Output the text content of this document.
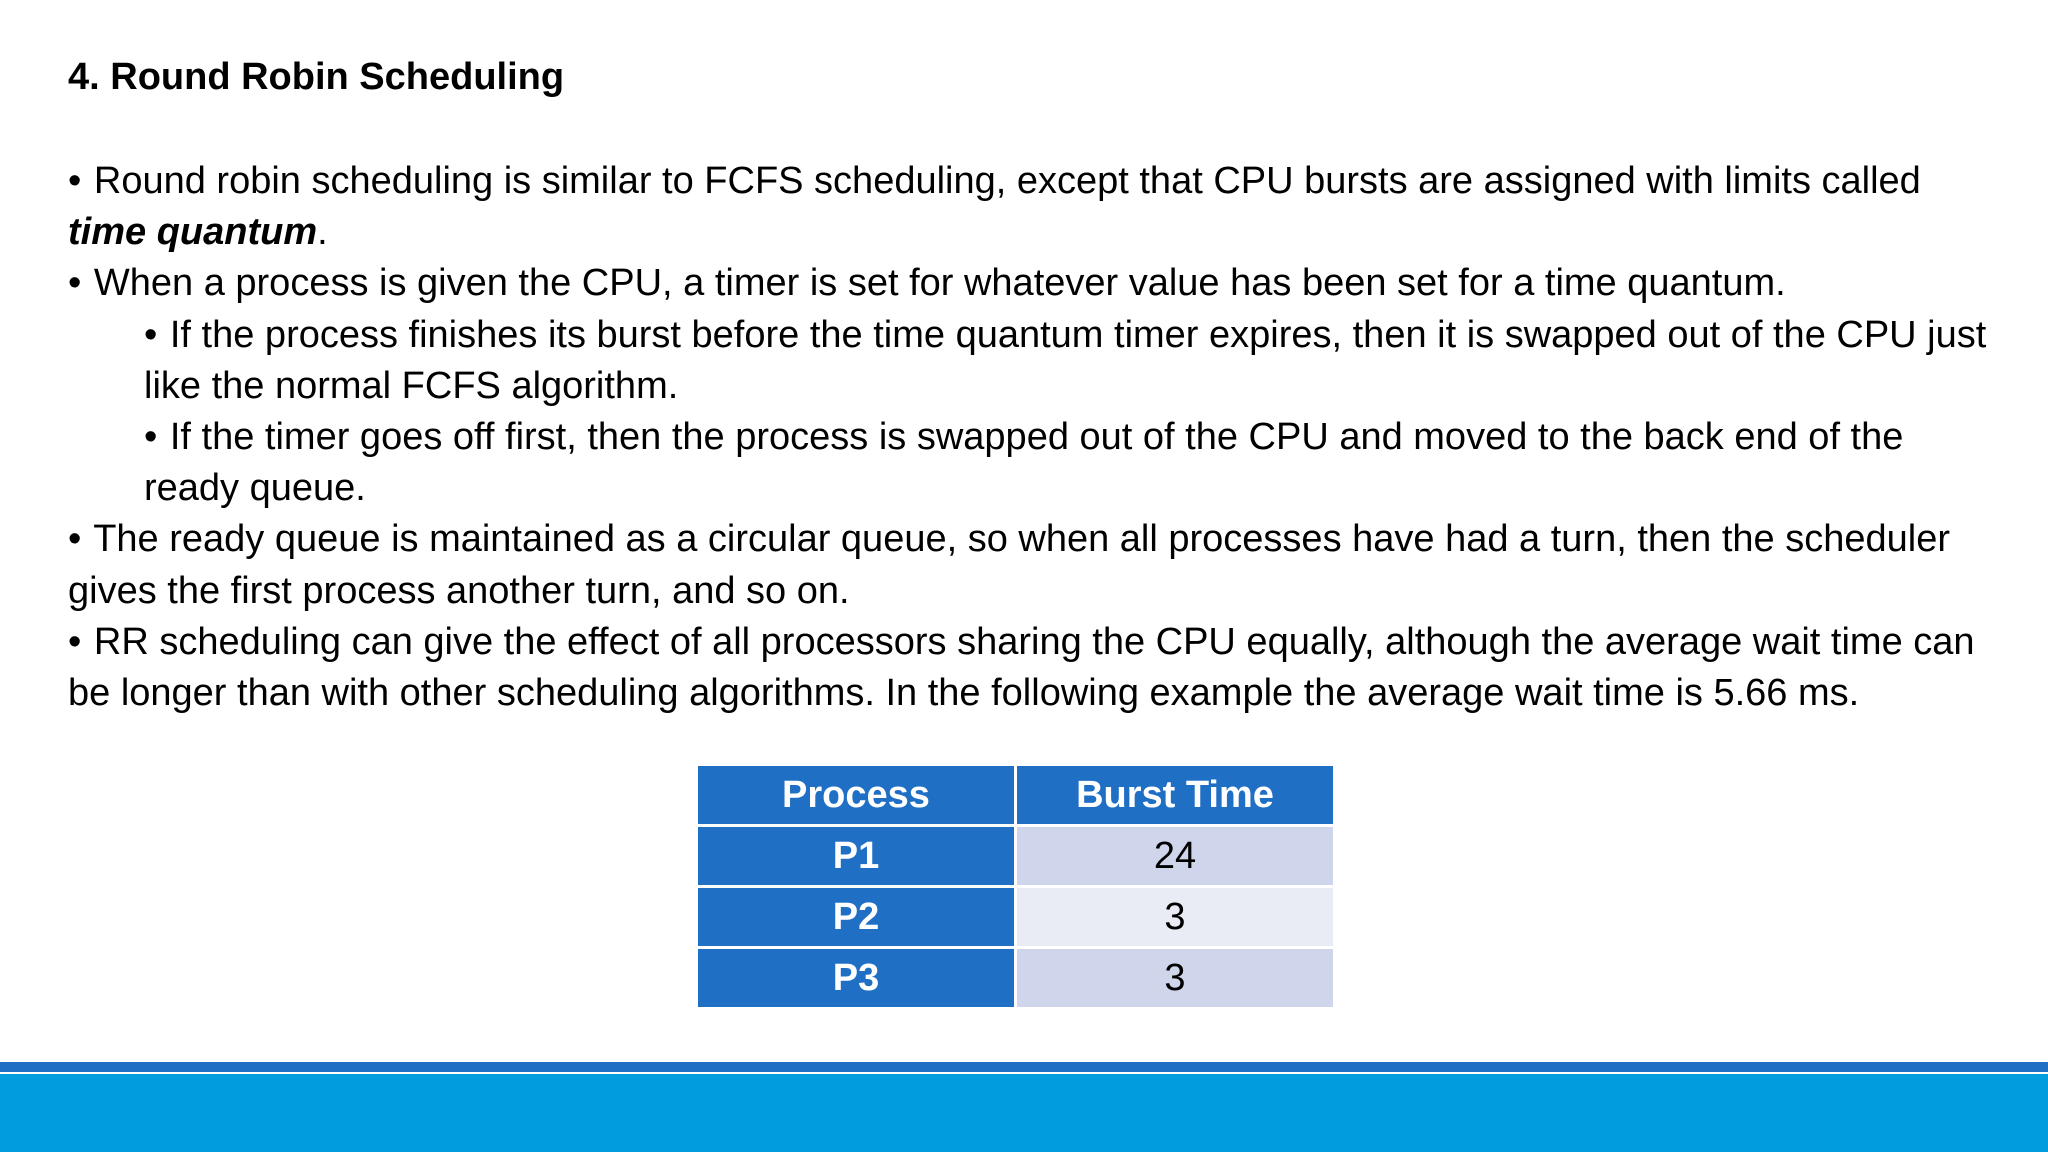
4. Round Robin Scheduling

• Round robin scheduling is similar to FCFS scheduling, except that CPU bursts are assigned with limits called time quantum.

• When a process is given the CPU, a timer is set for whatever value has been set for a time quantum.

• If the process finishes its burst before the time quantum timer expires, then it is swapped out of the CPU just like the normal FCFS algorithm.

• If the timer goes off first, then the process is swapped out of the CPU and moved to the back end of the ready queue.

• The ready queue is maintained as a circular queue, so when all processes have had a turn, then the scheduler gives the first process another turn, and so on.

• RR scheduling can give the effect of all processors sharing the CPU equally, although the average wait time can be longer than with other scheduling algorithms. In the following example the average wait time is 5.66 ms.

Process	Burst Time
P1	24
P2	3
P3	3
